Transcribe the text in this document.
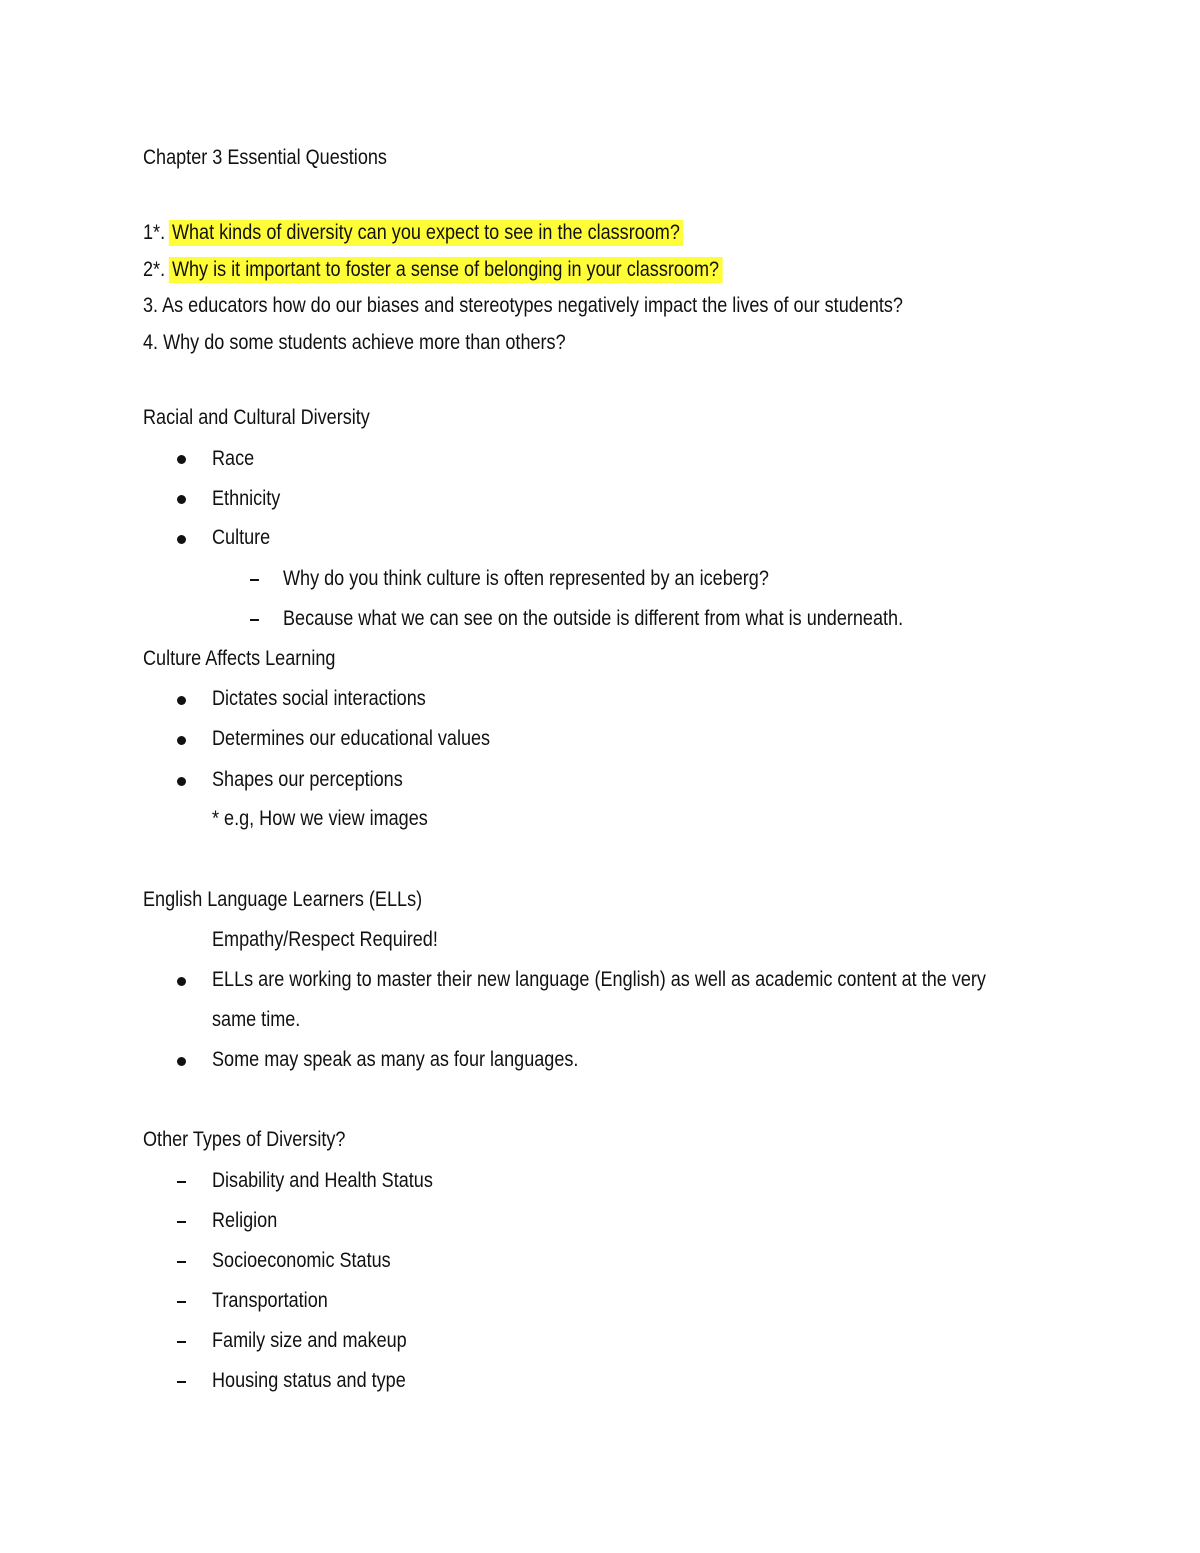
Chapter 3 Essential Questions
1*. What kinds of diversity can you expect to see in the classroom?
2*. Why is it important to foster a sense of belonging in your classroom?
3. As educators how do our biases and stereotypes negatively impact the lives of our students?
4. Why do some students achieve more than others?
Racial and Cultural Diversity
Race
Ethnicity
Culture
Why do you think culture is often represented by an iceberg?
Because what we can see on the outside is different from what is underneath.
Culture Affects Learning
Dictates social interactions
Determines our educational values
Shapes our perceptions
* e.g, How we view images
English Language Learners (ELLs)
Empathy/Respect Required!
ELLs are working to master their new language (English) as well as academic content at the very
same time.
Some may speak as many as four languages.
Other Types of Diversity?
Disability and Health Status
Religion
Socioeconomic Status
Transportation
Family size and makeup
Housing status and type
